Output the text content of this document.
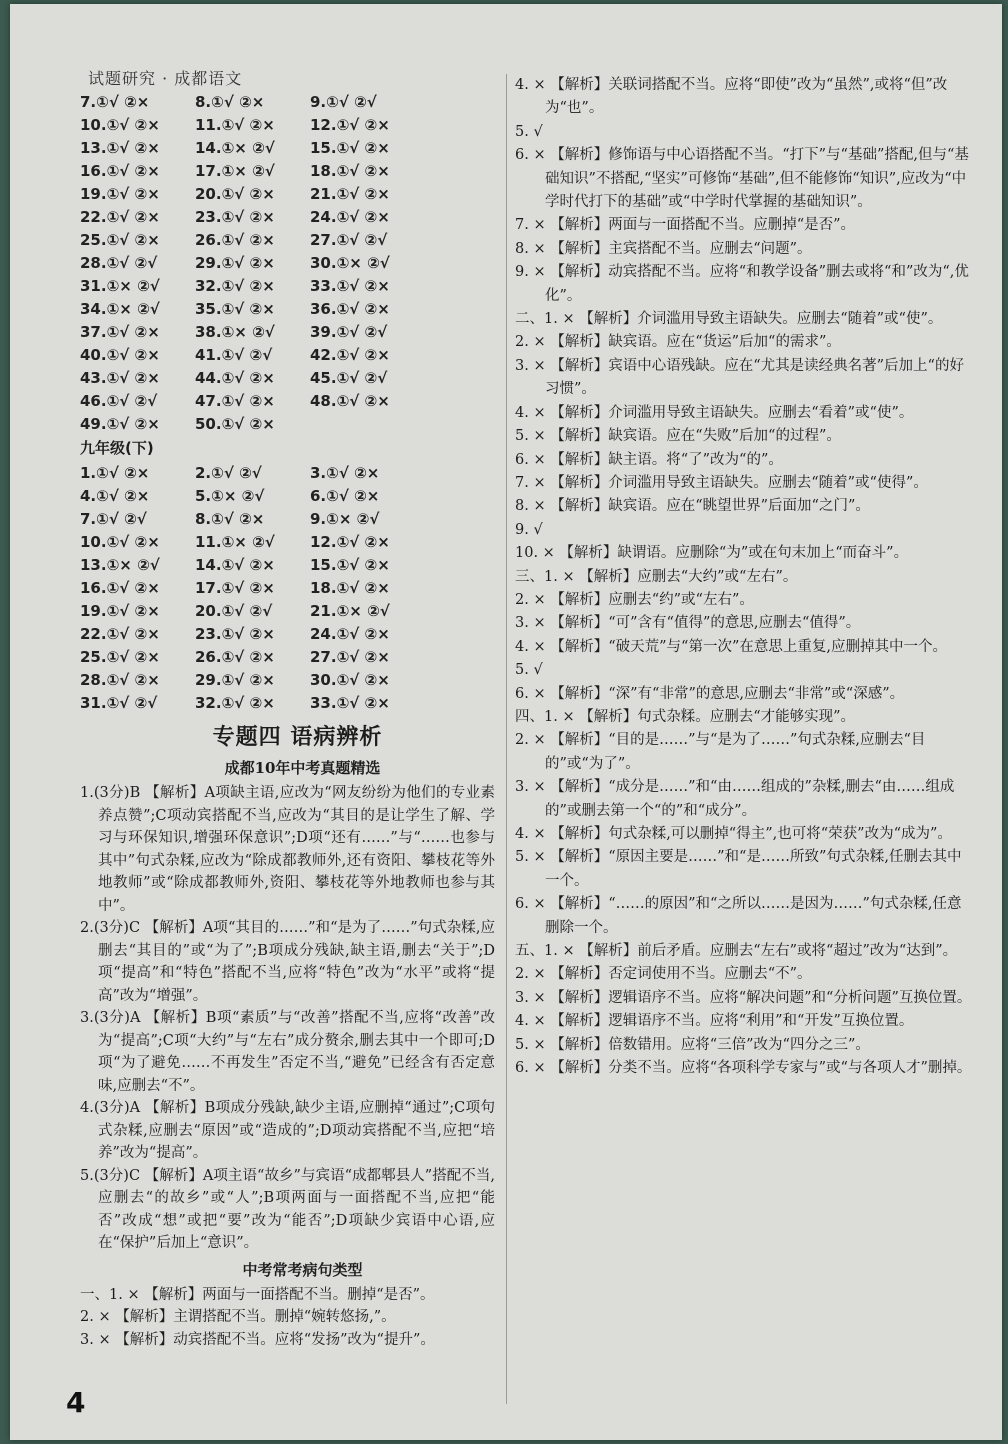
试题研究 · 成都语文
7.①√ ②×	8.①√ ②×	9.①√ ②√
10.①√ ②×	11.①√ ②×	12.①√ ②×
13.①√ ②×	14.①× ②√	15.①√ ②×
16.①√ ②×	17.①× ②√	18.①√ ②×
19.①√ ②×	20.①√ ②×	21.①√ ②×
22.①√ ②×	23.①√ ②×	24.①√ ②×
25.①√ ②×	26.①√ ②×	27.①√ ②√
28.①√ ②√	29.①√ ②×	30.①× ②√
31.①× ②√	32.①√ ②×	33.①√ ②×
34.①× ②√	35.①√ ②×	36.①√ ②×
37.①√ ②×	38.①× ②√	39.①√ ②√
40.①√ ②×	41.①√ ②√	42.①√ ②×
43.①√ ②×	44.①√ ②×	45.①√ ②√
46.①√ ②√	47.①√ ②×	48.①√ ②×
49.①√ ②×	50.①√ ②×
九年级(下)
1.①√ ②×	2.①√ ②√	3.①√ ②×
4.①√ ②×	5.①× ②√	6.①√ ②×
7.①√ ②√	8.①√ ②×	9.①× ②√
10.①√ ②×	11.①× ②√	12.①√ ②×
13.①× ②√	14.①√ ②×	15.①√ ②×
16.①√ ②×	17.①√ ②×	18.①√ ②×
19.①√ ②×	20.①√ ②√	21.①× ②√
22.①√ ②×	23.①√ ②×	24.①√ ②×
25.①√ ②×	26.①√ ②×	27.①√ ②×
28.①√ ②×	29.①√ ②×	30.①√ ②×
31.①√ ②√	32.①√ ②×	33.①√ ②×
专题四 语病辨析
成都10年中考真题精选

1.(3分)B 【解析】A项缺主语,应改为“网友纷纷为他们的专业素养点赞”;C项动宾搭配不当,应改为“其目的是让学生了解、学习与环保知识,增强环保意识”;D项“还有……”与“……也参与其中”句式杂糅,应改为“除成都教师外,还有资阳、攀枝花等外地教师”或“除成都教师外,资阳、攀枝花等外地教师也参与其中”。

2.(3分)C 【解析】A项“其目的……”和“是为了……”句式杂糅,应删去“其目的”或“为了”;B项成分残缺,缺主语,删去“关于”;D项“提高”和“特色”搭配不当,应将“特色”改为“水平”或将“提高”改为“增强”。

3.(3分)A 【解析】B项“素质”与“改善”搭配不当,应将“改善”改为“提高”;C项“大约”与“左右”成分赘余,删去其中一个即可;D项“为了避免……不再发生”否定不当,“避免”已经含有否定意味,应删去“不”。

4.(3分)A 【解析】B项成分残缺,缺少主语,应删掉“通过”;C项句式杂糅,应删去“原因”或“造成的”;D项动宾搭配不当,应把“培养”改为“提高”。

5.(3分)C 【解析】A项主语“故乡”与宾语“成都郫县人”搭配不当,应删去“的故乡”或“人”;B项两面与一面搭配不当,应把“能否”改成“想”或把“要”改为“能否”;D项缺少宾语中心语,应在“保护”后加上“意识”。

中考常考病句类型

一、1. × 【解析】两面与一面搭配不当。删掉“是否”。

2. × 【解析】主谓搭配不当。删掉“婉转悠扬,”。

3. × 【解析】动宾搭配不当。应将“发扬”改为“提升”。

4. × 【解析】关联词搭配不当。应将“即使”改为“虽然”,或将“但”改为“也”。

5. √

6. × 【解析】修饰语与中心语搭配不当。“打下”与“基础”搭配,但与“基础知识”不搭配,“坚实”可修饰“基础”,但不能修饰“知识”,应改为“中学时代打下的基础”或“中学时代掌握的基础知识”。

7. × 【解析】两面与一面搭配不当。应删掉“是否”。

8. × 【解析】主宾搭配不当。应删去“问题”。

9. × 【解析】动宾搭配不当。应将“和教学设备”删去或将“和”改为“,优化”。

二、1. × 【解析】介词滥用导致主语缺失。应删去“随着”或“使”。

2. × 【解析】缺宾语。应在“货运”后加“的需求”。

3. × 【解析】宾语中心语残缺。应在“尤其是读经典名著”后加上“的好习惯”。

4. × 【解析】介词滥用导致主语缺失。应删去“看着”或“使”。

5. × 【解析】缺宾语。应在“失败”后加“的过程”。

6. × 【解析】缺主语。将“了”改为“的”。

7. × 【解析】介词滥用导致主语缺失。应删去“随着”或“使得”。

8. × 【解析】缺宾语。应在“眺望世界”后面加“之门”。

9. √

10. × 【解析】缺谓语。应删除“为”或在句末加上“而奋斗”。

三、1. × 【解析】应删去“大约”或“左右”。

2. × 【解析】应删去“约”或“左右”。

3. × 【解析】“可”含有“值得”的意思,应删去“值得”。

4. × 【解析】“破天荒”与“第一次”在意思上重复,应删掉其中一个。

5. √

6. × 【解析】“深”有“非常”的意思,应删去“非常”或“深感”。

四、1. × 【解析】句式杂糅。应删去“才能够实现”。

2. × 【解析】“目的是……”与“是为了……”句式杂糅,应删去“目的”或“为了”。

3. × 【解析】“成分是……”和“由……组成的”杂糅,删去“由……组成的”或删去第一个“的”和“成分”。

4. × 【解析】句式杂糅,可以删掉“得主”,也可将“荣获”改为“成为”。

5. × 【解析】“原因主要是……”和“是……所致”句式杂糅,任删去其中一个。

6. × 【解析】“……的原因”和“之所以……是因为……”句式杂糅,任意删除一个。

五、1. × 【解析】前后矛盾。应删去“左右”或将“超过”改为“达到”。

2. × 【解析】否定词使用不当。应删去“不”。

3. × 【解析】逻辑语序不当。应将“解决问题”和“分析问题”互换位置。

4. × 【解析】逻辑语序不当。应将“利用”和“开发”互换位置。

5. × 【解析】倍数错用。应将“三倍”改为“四分之三”。

6. × 【解析】分类不当。应将“各项科学专家与”或“与各项人才”删掉。

4
